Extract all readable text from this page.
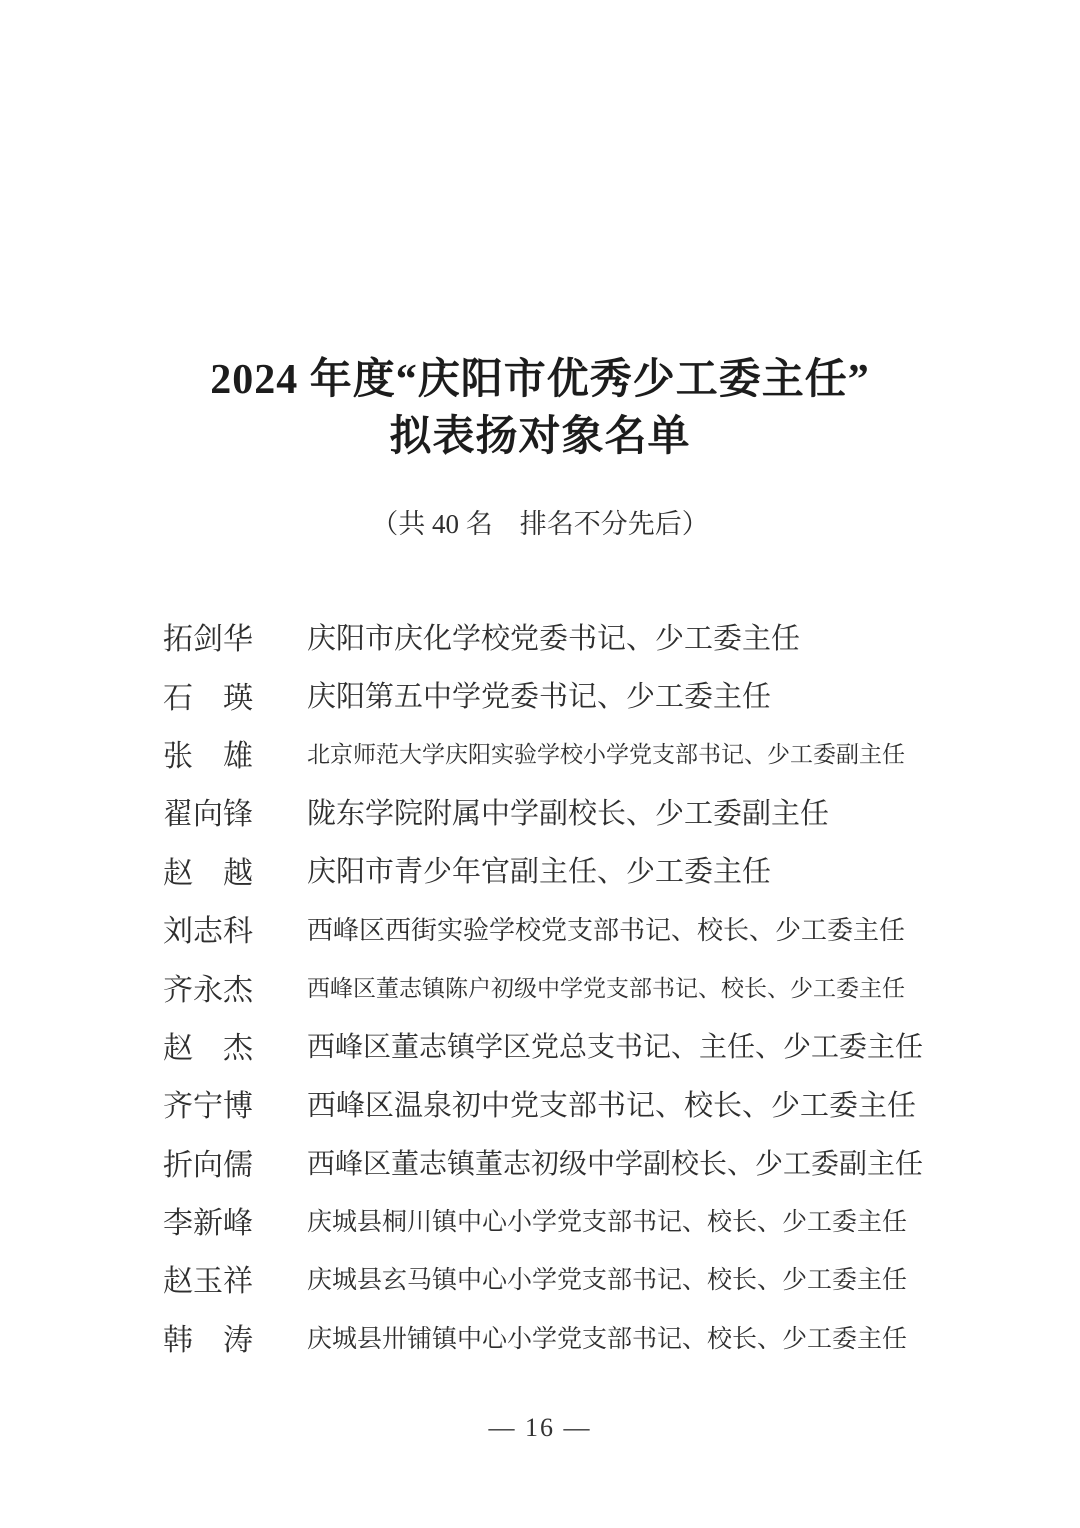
2024 年度“庆阳市优秀少工委主任”
拟表扬对象名单

（共 40 名　排名不分先后）

拓剑华 庆阳市庆化学校党委书记、少工委主任
石　瑛 庆阳第五中学党委书记、少工委主任
张　雄 北京师范大学庆阳实验学校小学党支部书记、少工委副主任
翟向锋 陇东学院附属中学副校长、少工委副主任
赵　越 庆阳市青少年官副主任、少工委主任
刘志科 西峰区西街实验学校党支部书记、校长、少工委主任
齐永杰 西峰区董志镇陈户初级中学党支部书记、校长、少工委主任
赵　杰 西峰区董志镇学区党总支书记、主任、少工委主任
齐宁博 西峰区温泉初中党支部书记、校长、少工委主任
折向儒 西峰区董志镇董志初级中学副校长、少工委副主任
李新峰 庆城县桐川镇中心小学党支部书记、校长、少工委主任
赵玉祥 庆城县玄马镇中心小学党支部书记、校长、少工委主任
韩　涛 庆城县卅铺镇中心小学党支部书记、校长、少工委主任
— 16 —
